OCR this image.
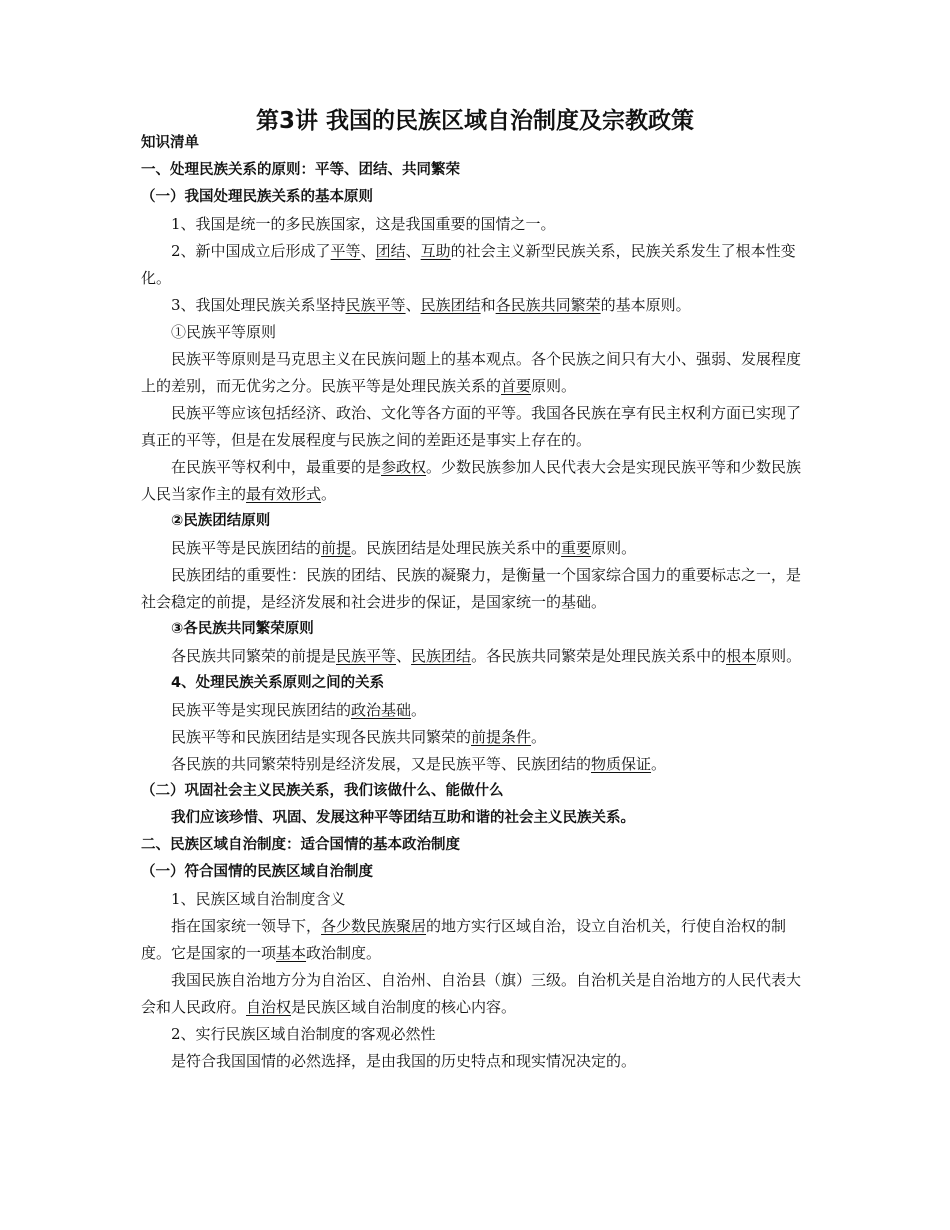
第3讲 我国的民族区域自治制度及宗教政策

知识清单

一、处理民族关系的原则：平等、团结、共同繁荣

（一）我国处理民族关系的基本原则

1、我国是统一的多民族国家，这是我国重要的国情之一。

2、新中国成立后形成了平等、团结、互助的社会主义新型民族关系，民族关系发生了根本性变化。

3、我国处理民族关系坚持民族平等、民族团结和各民族共同繁荣的基本原则。

①民族平等原则

民族平等原则是马克思主义在民族问题上的基本观点。各个民族之间只有大小、强弱、发展程度上的差别，而无优劣之分。民族平等是处理民族关系的首要原则。

民族平等应该包括经济、政治、文化等各方面的平等。我国各民族在享有民主权利方面已实现了真正的平等，但是在发展程度与民族之间的差距还是事实上存在的。

在民族平等权利中，最重要的是参政权。少数民族参加人民代表大会是实现民族平等和少数民族人民当家作主的最有效形式。

②民族团结原则

民族平等是民族团结的前提。民族团结是处理民族关系中的重要原则。

民族团结的重要性：民族的团结、民族的凝聚力，是衡量一个国家综合国力的重要标志之一，是社会稳定的前提，是经济发展和社会进步的保证，是国家统一的基础。

③各民族共同繁荣原则

各民族共同繁荣的前提是民族平等、民族团结。各民族共同繁荣是处理民族关系中的根本原则。

4、处理民族关系原则之间的关系

民族平等是实现民族团结的政治基础。

民族平等和民族团结是实现各民族共同繁荣的前提条件。

各民族的共同繁荣特别是经济发展，又是民族平等、民族团结的物质保证。

（二）巩固社会主义民族关系，我们该做什么、能做什么

我们应该珍惜、巩固、发展这种平等团结互助和谐的社会主义民族关系。

二、民族区域自治制度：适合国情的基本政治制度

（一）符合国情的民族区域自治制度

1、民族区域自治制度含义

指在国家统一领导下，各少数民族聚居的地方实行区域自治，设立自治机关，行使自治权的制度。它是国家的一项基本政治制度。

我国民族自治地方分为自治区、自治州、自治县（旗）三级。自治机关是自治地方的人民代表大会和人民政府。自治权是民族区域自治制度的核心内容。

2、实行民族区域自治制度的客观必然性

是符合我国国情的必然选择，是由我国的历史特点和现实情况决定的。
